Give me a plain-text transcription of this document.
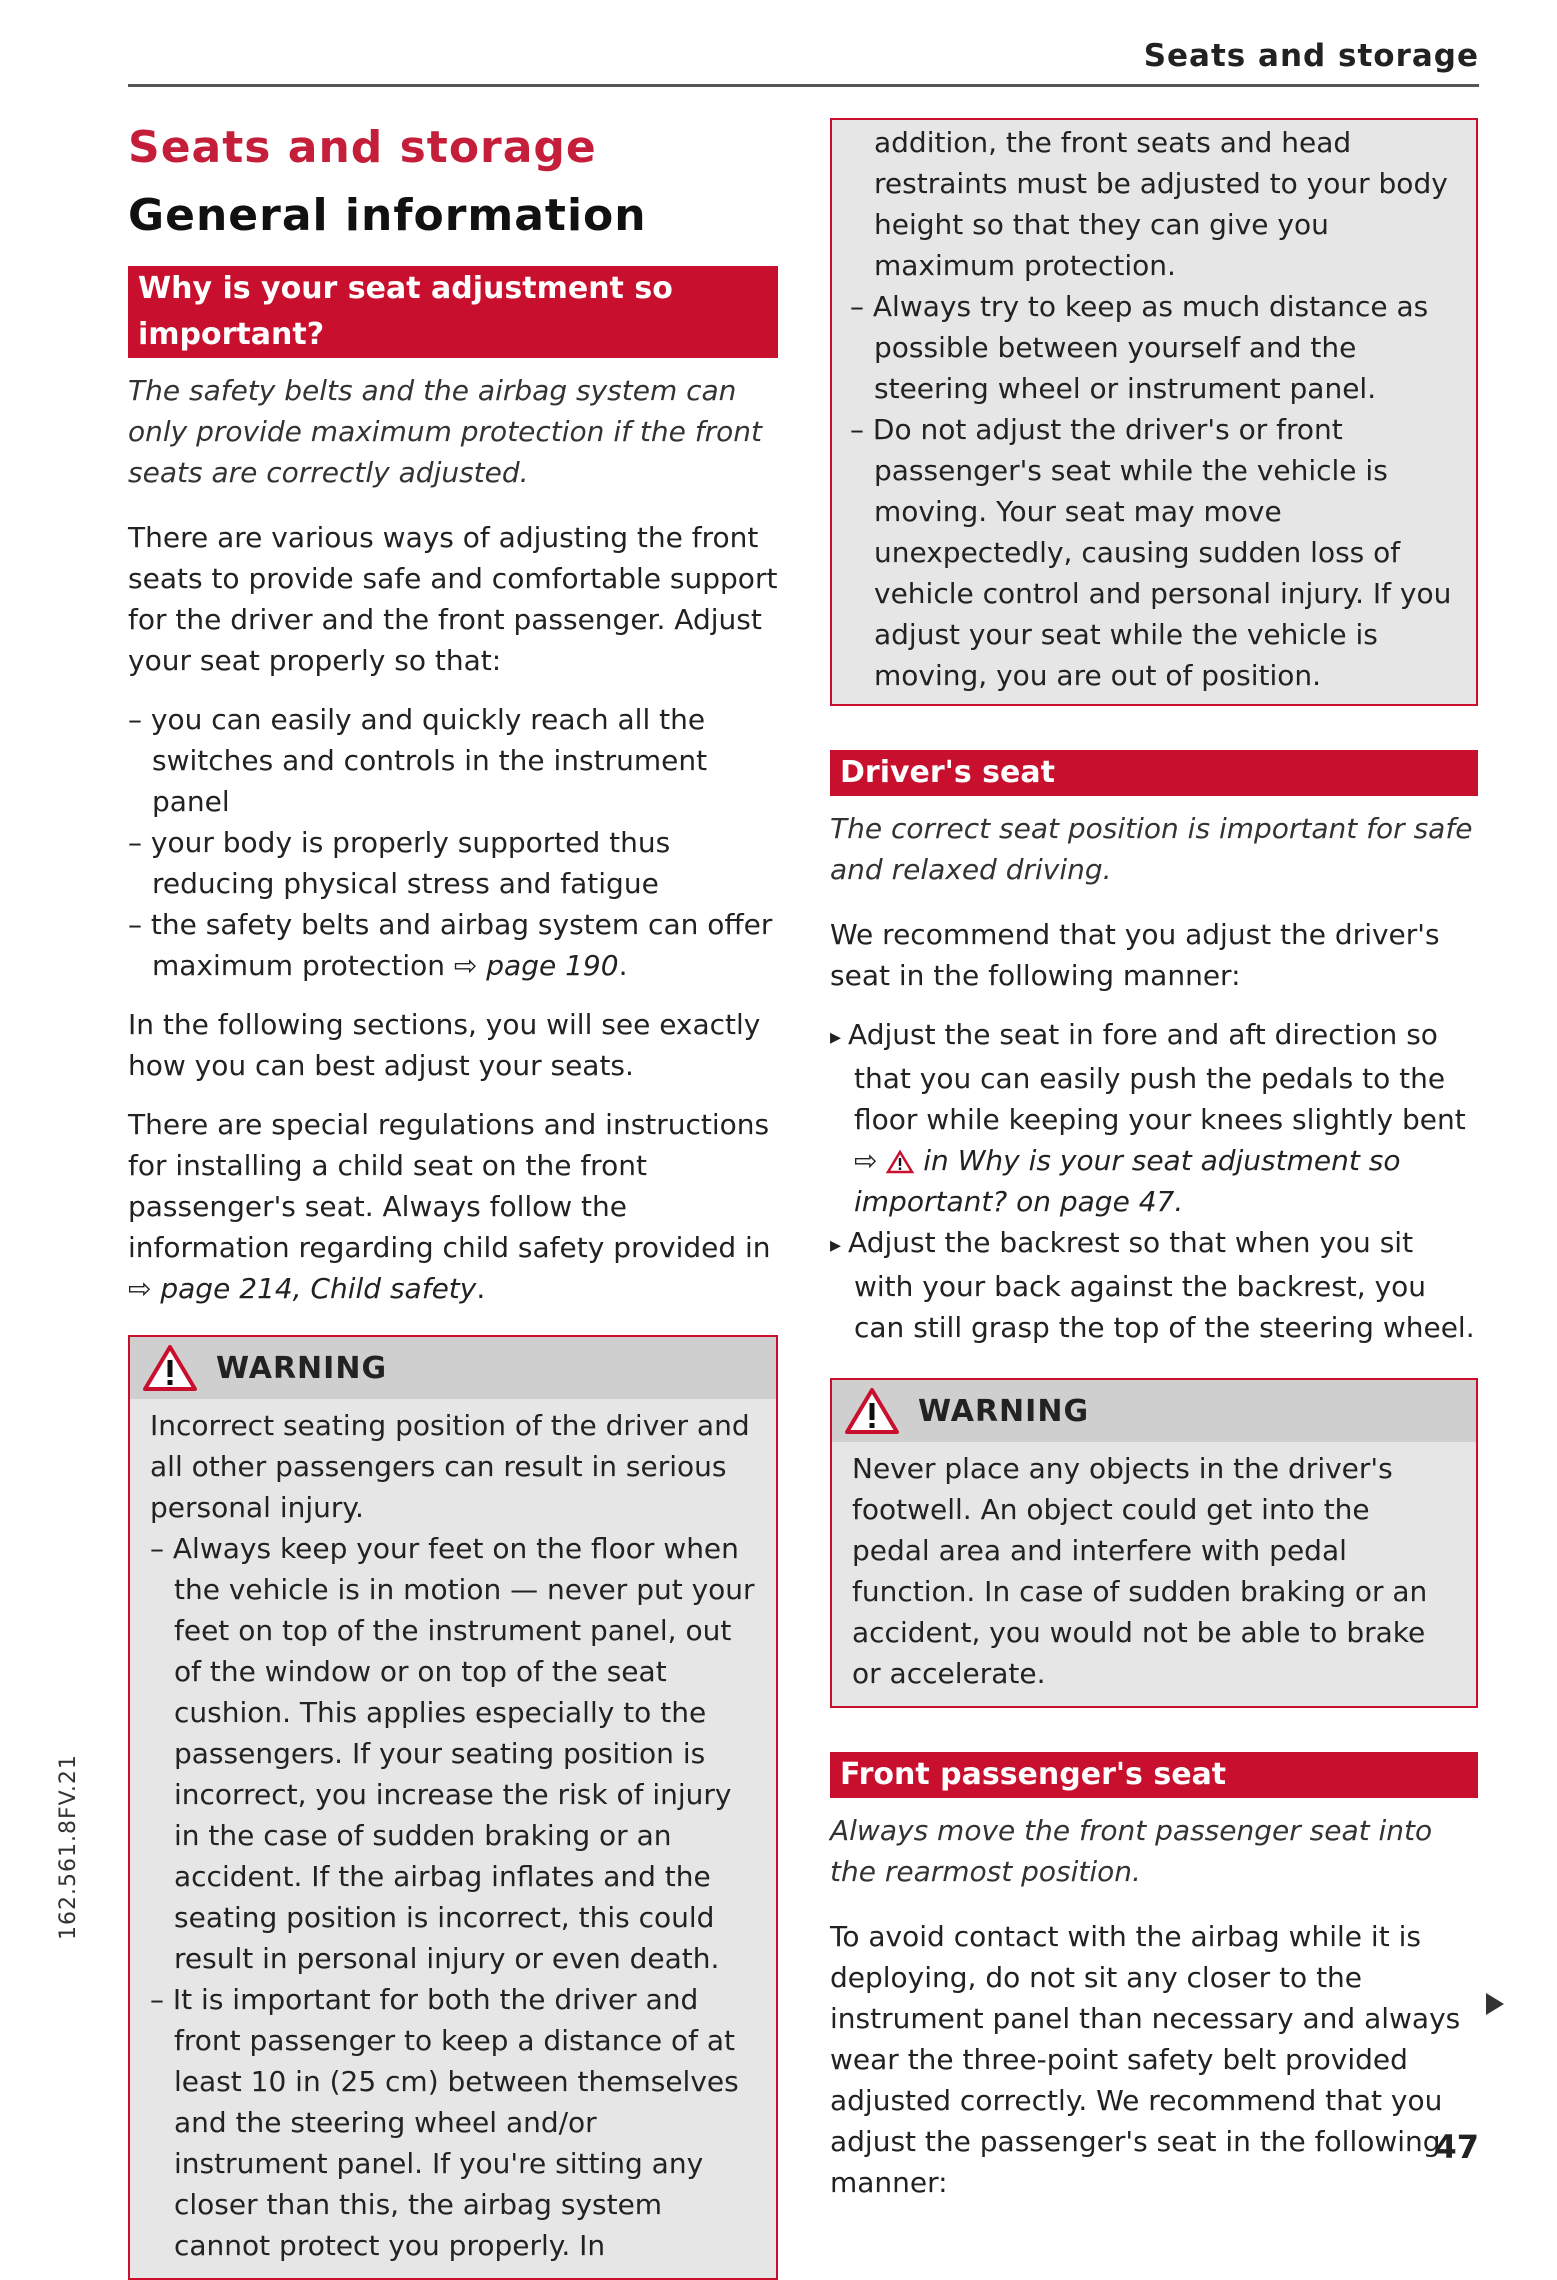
Seats and storage
Seats and storage
General information
Why is your seat adjustment so important?

The safety belts and the airbag system can only provide maximum protection if the front seats are correctly adjusted.

There are various ways of adjusting the front seats to provide safe and comfortable support for the driver and the front passenger. Adjust your seat properly so that:

– you can easily and quickly reach all the switches and controls in the instrument panel
– your body is properly supported thus reducing physical stress and fatigue
– the safety belts and airbag system can offer maximum protection ⇨ page 190.

In the following sections, you will see exactly how you can best adjust your seats.

There are special regulations and instructions for installing a child seat on the front passenger's seat. Always follow the information regarding child safety provided in ⇨ page 214, Child safety.

WARNING

Incorrect seating position of the driver and all other passengers can result in serious personal injury.

– Always keep your feet on the floor when the vehicle is in motion — never put your feet on top of the instrument panel, out of the window or on top of the seat cushion. This applies especially to the passengers. If your seating position is incorrect, you increase the risk of injury in the case of sudden braking or an accident. If the airbag inflates and the seating position is incorrect, this could result in personal injury or even death.
– It is important for both the driver and front passenger to keep a distance of at least 10 in (25 cm) between themselves and the steering wheel and/or instrument panel. If you're sitting any closer than this, the airbag system cannot protect you properly. In

addition, the front seats and head restraints must be adjusted to your body height so that they can give you maximum protection.

– Always try to keep as much distance as possible between yourself and the steering wheel or instrument panel.
– Do not adjust the driver's or front passenger's seat while the vehicle is moving. Your seat may move unexpectedly, causing sudden loss of vehicle control and personal injury. If you adjust your seat while the vehicle is moving, you are out of position.
Driver's seat

The correct seat position is important for safe and relaxed driving.

We recommend that you adjust the driver's seat in the following manner:

▸ Adjust the seat in fore and aft direction so that you can easily push the pedals to the floor while keeping your knees slightly bent ⇨ in Why is your seat adjustment so important? on page 47.
▸ Adjust the backrest so that when you sit with your back against the backrest, you can still grasp the top of the steering wheel.
WARNING

Never place any objects in the driver's footwell. An object could get into the pedal area and interfere with pedal function. In case of sudden braking or an accident, you would not be able to brake or accelerate.

Front passenger's seat

Always move the front passenger seat into the rearmost position.

To avoid contact with the airbag while it is deploying, do not sit any closer to the instrument panel than necessary and always wear the three-point safety belt provided adjusted correctly. We recommend that you adjust the passenger's seat in the following manner:

162.561.8FV.21
47
